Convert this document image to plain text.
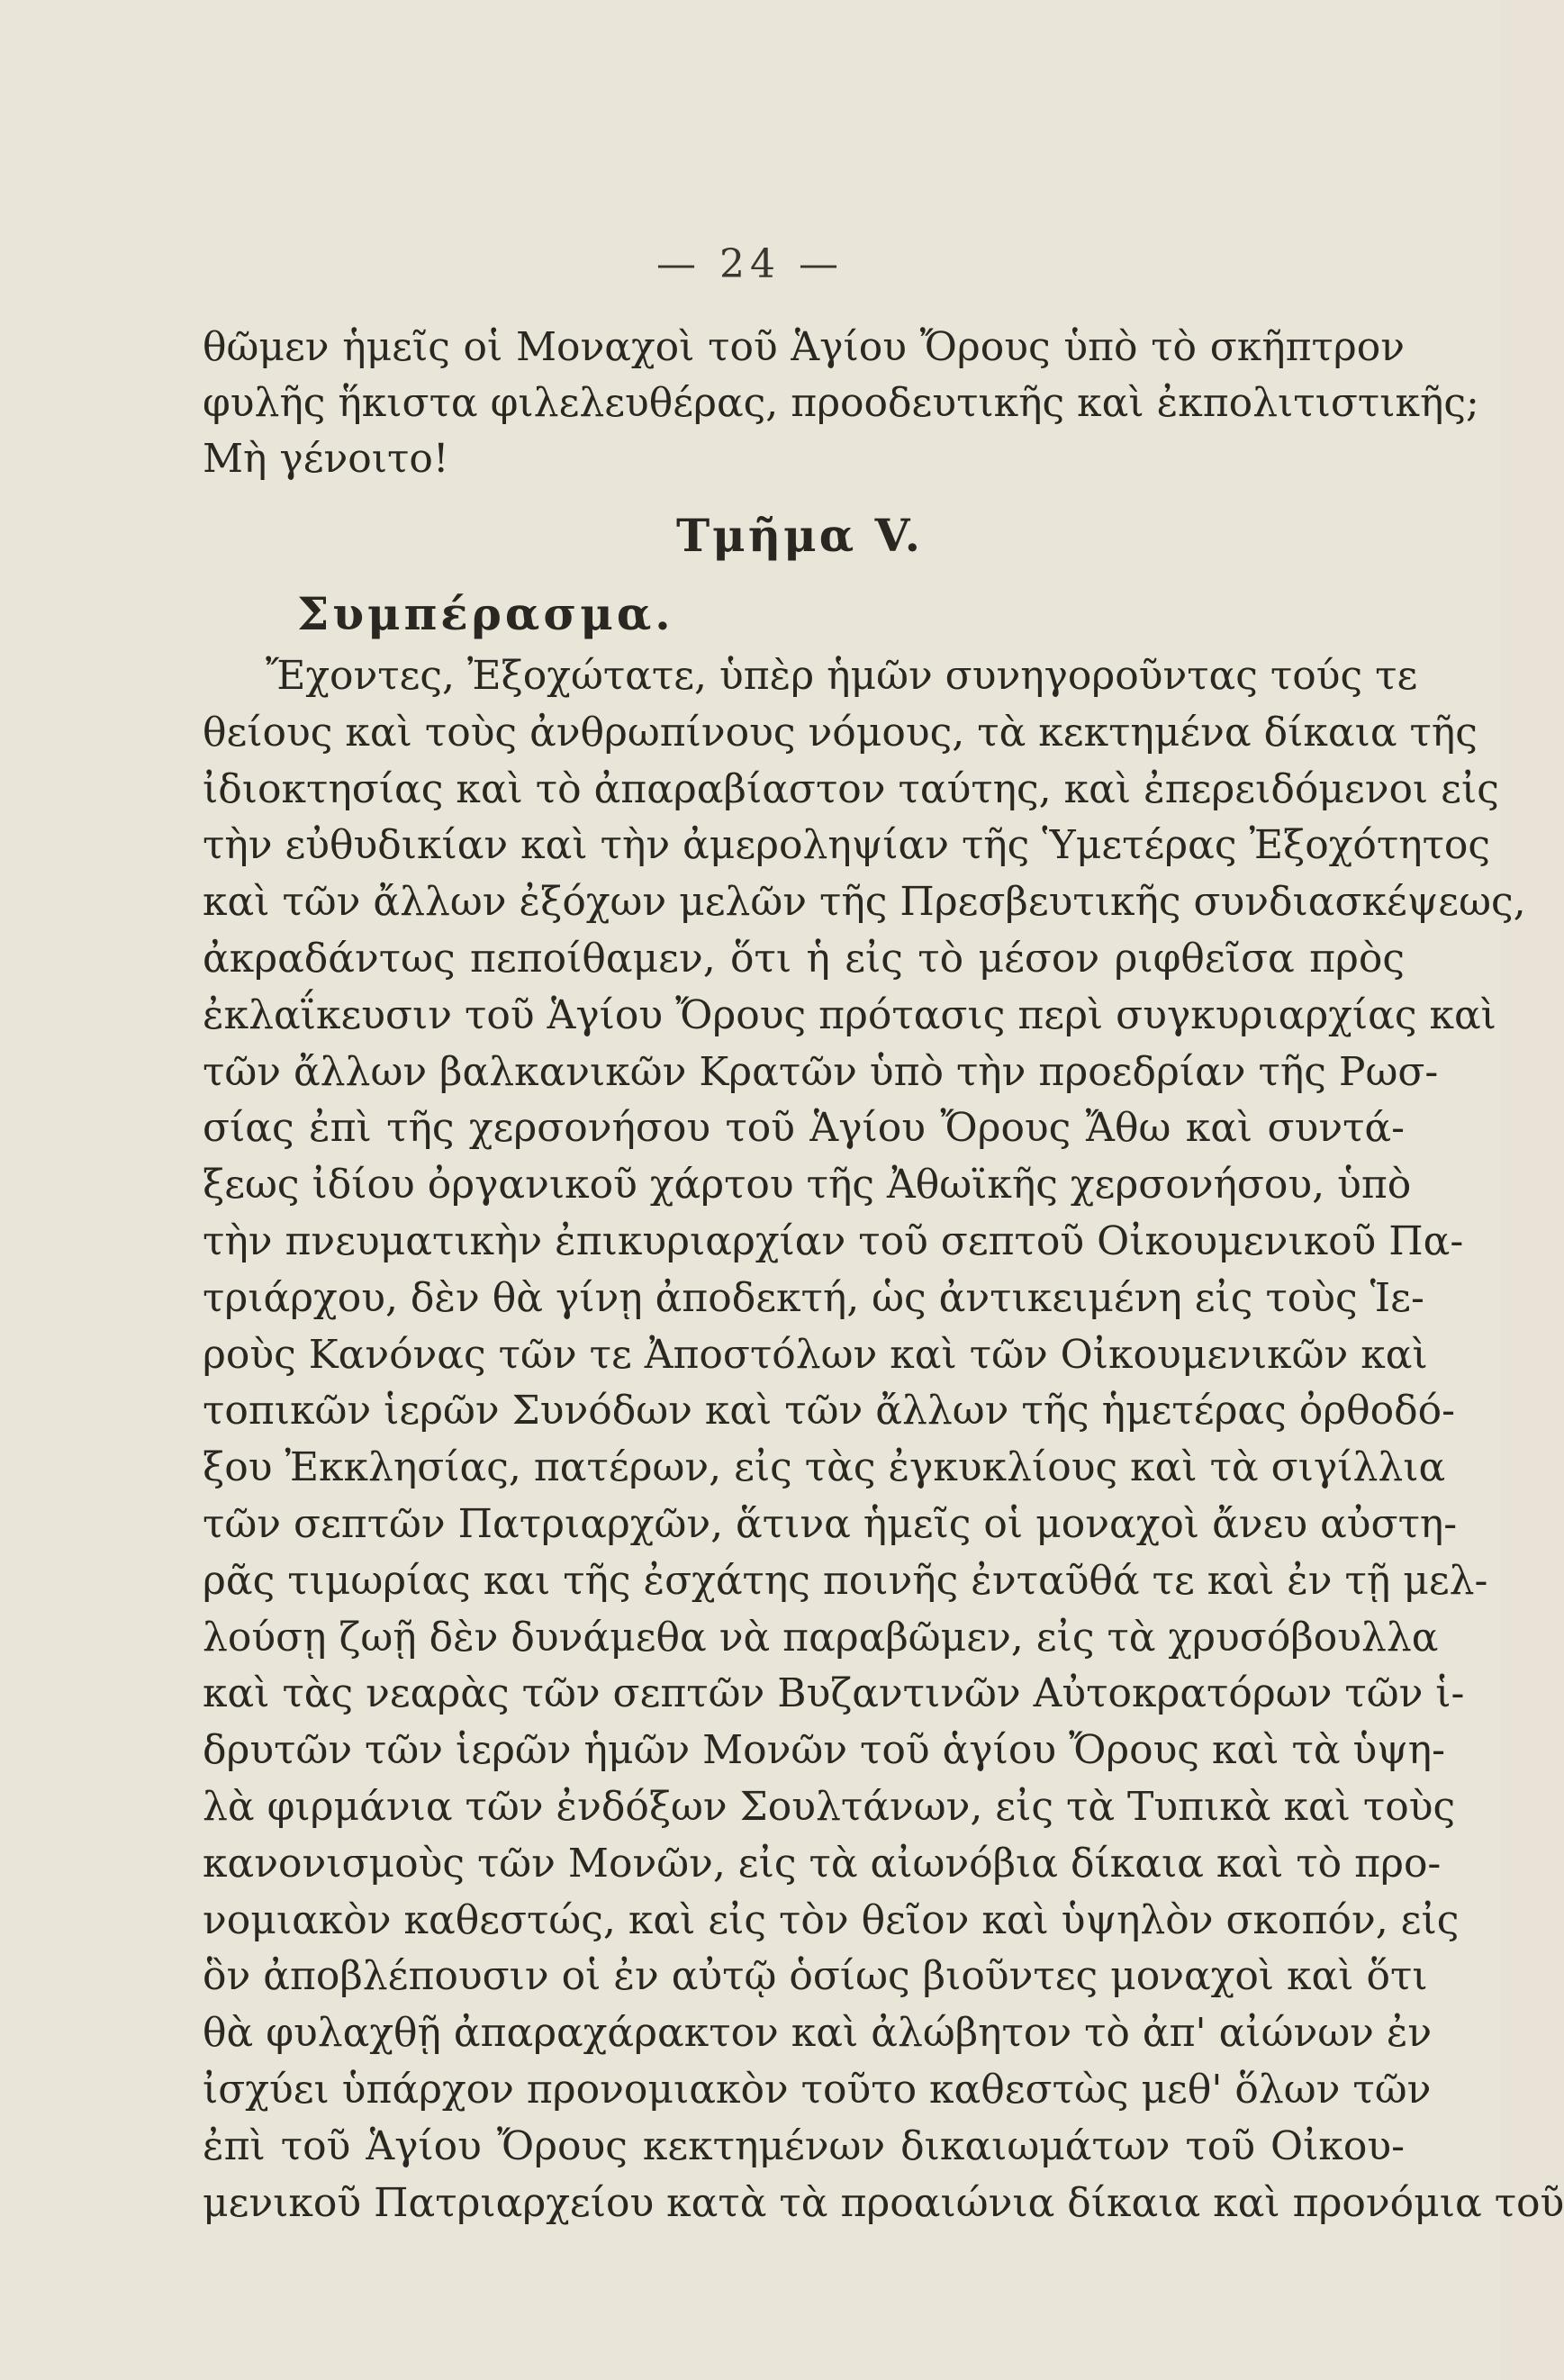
— 24 —
θῶμεν ἡμεῖς οἱ Μοναχοὶ τοῦ Ἁγίου Ὄρους ὑπὸ τὸ σκῆπτρον
φυλῆς ἥκιστα φιλελευθέρας, προοδευτικῆς καὶ ἐκπολιτιστικῆς;
Μὴ γένοιτο!
Τμῆμα V.
Συμπέρασμα.
Ἔχοντες, Ἐξοχώτατε, ὑπὲρ ἡμῶν συνηγοροῦντας τούς τε
θείους καὶ τοὺς ἀνθρωπίνους νόμους, τὰ κεκτημένα δίκαια τῆς
ἰδιοκτησίας καὶ τὸ ἀπαραβίαστον ταύτης, καὶ ἐπερειδόμενοι εἰς
τὴν εὐθυδικίαν καὶ τὴν ἀμεροληψίαν τῆς Ὑμετέρας Ἐξοχότητος
καὶ τῶν ἄλλων ἐξόχων μελῶν τῆς Πρεσβευτικῆς συνδιασκέψεως,
ἀκραδάντως πεποίθαμεν, ὅτι ἡ εἰς τὸ μέσον ριφθεῖσα πρὸς
ἐκλαΐκευσιν τοῦ Ἁγίου Ὄρους πρότασις περὶ συγκυριαρχίας καὶ
τῶν ἄλλων βαλκανικῶν Κρατῶν ὑπὸ τὴν προεδρίαν τῆς Ρωσ-
σίας ἐπὶ τῆς χερσονήσου τοῦ Ἁγίου Ὄρους Ἄθω καὶ συντά-
ξεως ἰδίου ὀργανικοῦ χάρτου τῆς Ἀθωϊκῆς χερσονήσου, ὑπὸ
τὴν πνευματικὴν ἐπικυριαρχίαν τοῦ σεπτοῦ Οἰκουμενικοῦ Πα-
τριάρχου, δὲν θὰ γίνῃ ἀποδεκτή, ὡς ἀντικειμένη εἰς τοὺς Ἱε-
ροὺς Κανόνας τῶν τε Ἀποστόλων καὶ τῶν Οἰκουμενικῶν καὶ
τοπικῶν ἱερῶν Συνόδων καὶ τῶν ἄλλων τῆς ἡμετέρας ὀρθοδό-
ξου Ἐκκλησίας, πατέρων, εἰς τὰς ἐγκυκλίους καὶ τὰ σιγίλλια
τῶν σεπτῶν Πατριαρχῶν, ἅτινα ἡμεῖς οἱ μοναχοὶ ἄνευ αὐστη-
ρᾶς τιμωρίας και τῆς ἐσχάτης ποινῆς ἐνταῦθά τε καὶ ἐν τῇ μελ-
λούσῃ ζωῇ δὲν δυνάμεθα νὰ παραβῶμεν, εἰς τὰ χρυσόβουλλα
καὶ τὰς νεαρὰς τῶν σεπτῶν Βυζαντινῶν Αὐτοκρατόρων τῶν ἱ-
δρυτῶν τῶν ἱερῶν ἡμῶν Μονῶν τοῦ ἁγίου Ὄρους καὶ τὰ ὑψη-
λὰ φιρμάνια τῶν ἐνδόξων Σουλτάνων, εἰς τὰ Τυπικὰ καὶ τοὺς
κανονισμοὺς τῶν Μονῶν, εἰς τὰ αἰωνόβια δίκαια καὶ τὸ προ-
νομιακὸν καθεστώς, καὶ εἰς τὸν θεῖον καὶ ὑψηλὸν σκοπόν, εἰς
ὃν ἀποβλέπουσιν οἱ ἐν αὐτῷ ὁσίως βιοῦντες μοναχοὶ καὶ ὅτι
θὰ φυλαχθῇ ἀπαραχάρακτον καὶ ἀλώβητον τὸ ἀπ' αἰώνων ἐν
ἰσχύει ὑπάρχον προνομιακὸν τοῦτο καθεστὼς μεθ' ὅλων τῶν
ἐπὶ τοῦ Ἁγίου Ὄρους κεκτημένων δικαιωμάτων τοῦ Οἰκου-
μενικοῦ Πατριαρχείου κατὰ τὰ προαιώνια δίκαια καὶ προνόμια τοῦ
